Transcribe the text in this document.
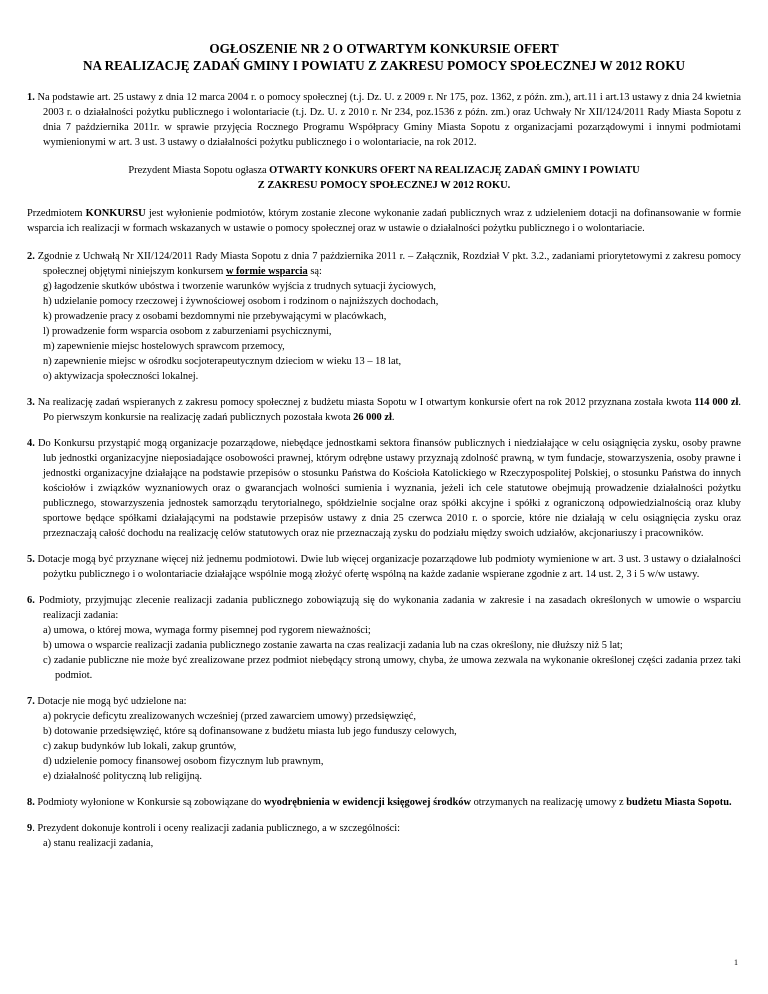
OGŁOSZENIE NR 2 O OTWARTYM KONKURSIE OFERT
NA REALIZACJĘ ZADAŃ GMINY I POWIATU Z ZAKRESU POMOCY SPOŁECZNEJ W 2012 ROKU

1. Na podstawie art. 25 ustawy z dnia 12 marca 2004 r. o pomocy społecznej (t.j. Dz. U. z 2009 r. Nr 175, poz. 1362, z późn. zm.), art.11 i art.13 ustawy z dnia 24 kwietnia 2003 r. o działalności pożytku publicznego i wolontariacie (t.j. Dz. U. z 2010 r. Nr 234, poz.1536 z późn. zm.) oraz Uchwały Nr XII/124/2011 Rady Miasta Sopotu z dnia 7 października 2011r. w sprawie przyjęcia Rocznego Programu Współpracy Gminy Miasta Sopotu z organizacjami pozarządowymi i innymi podmiotami wymienionymi w art. 3 ust. 3 ustawy o działalności pożytku publicznego i o wolontariacie, na rok 2012.

Prezydent Miasta Sopotu ogłasza OTWARTY KONKURS OFERT NA REALIZACJĘ ZADAŃ GMINY I POWIATU
Z ZAKRESU POMOCY SPOŁECZNEJ W 2012 ROKU.

Przedmiotem KONKURSU jest wyłonienie podmiotów, którym zostanie zlecone wykonanie zadań publicznych wraz z udzieleniem dotacji na dofinansowanie w formie wsparcia ich realizacji w formach wskazanych w ustawie o pomocy społecznej oraz w ustawie o działalności pożytku publicznego i o wolontariacie.

2. Zgodnie z Uchwałą Nr XII/124/2011 Rady Miasta Sopotu z dnia 7 października 2011 r. – Załącznik, Rozdział V pkt. 3.2., zadaniami priorytetowymi z zakresu pomocy społecznej objętymi niniejszym konkursem w formie wsparcia są:

g) łagodzenie skutków ubóstwa i tworzenie warunków wyjścia z trudnych sytuacji życiowych,
h) udzielanie pomocy rzeczowej i żywnościowej osobom i rodzinom o najniższych dochodach,
k) prowadzenie pracy z osobami bezdomnymi nie przebywającymi w placówkach,
l) prowadzenie form wsparcia osobom z zaburzeniami psychicznymi,
m) zapewnienie miejsc hostelowych sprawcom przemocy,
n) zapewnienie miejsc w ośrodku socjoterapeutycznym dzieciom w wieku 13 – 18 lat,
o) aktywizacja społeczności lokalnej.

3. Na realizację zadań wspieranych z zakresu pomocy społecznej z budżetu miasta Sopotu w I otwartym konkursie ofert na rok 2012 przyznana została kwota 114 000 zł. Po pierwszym konkursie na realizację zadań publicznych pozostała kwota 26 000 zł.

4. Do Konkursu przystąpić mogą organizacje pozarządowe, niebędące jednostkami sektora finansów publicznych i niedziałające w celu osiągnięcia zysku, osoby prawne lub jednostki organizacyjne nieposiadające osobowości prawnej, którym odrębne ustawy przyznają zdolność prawną, w tym fundacje, stowarzyszenia, osoby prawne i jednostki organizacyjne działające na podstawie przepisów o stosunku Państwa do Kościoła Katolickiego w Rzeczypospolitej Polskiej, o stosunku Państwa do innych kościołów i związków wyznaniowych oraz o gwarancjach wolności sumienia i wyznania, jeżeli ich cele statutowe obejmują prowadzenie działalności pożytku publicznego, stowarzyszenia jednostek samorządu terytorialnego, spółdzielnie socjalne oraz spółki akcyjne i spółki z ograniczoną odpowiedzialnością oraz kluby sportowe będące spółkami działającymi na podstawie przepisów ustawy z dnia 25 czerwca 2010 r. o sporcie, które nie działają w celu osiągnięcia zysku oraz przeznaczają całość dochodu na realizację celów statutowych oraz nie przeznaczają zysku do podziału między swoich udziałów, akcjonariuszy i pracowników.

5. Dotacje mogą być przyznane więcej niż jednemu podmiotowi. Dwie lub więcej organizacje pozarządowe lub podmioty wymienione w art. 3 ust. 3 ustawy o działalności pożytku publicznego i o wolontariacie działające wspólnie mogą złożyć ofertę wspólną na każde zadanie wspierane zgodnie z art. 14 ust. 2, 3 i 5 w/w ustawy.

6. Podmioty, przyjmując zlecenie realizacji zadania publicznego zobowiązują się do wykonania zadania w zakresie i na zasadach określonych w umowie o wsparciu realizacji zadania:

a) umowa, o której mowa, wymaga formy pisemnej pod rygorem nieważności;
b) umowa o wsparcie realizacji zadania publicznego zostanie zawarta na czas realizacji zadania lub na czas określony, nie dłuższy niż 5 lat;
c) zadanie publiczne nie może być zrealizowane przez podmiot niebędący stroną umowy, chyba, że umowa zezwala na wykonanie określonej części zadania przez taki podmiot.

7. Dotacje nie mogą być udzielone na:

a) pokrycie deficytu zrealizowanych wcześniej (przed zawarciem umowy) przedsięwzięć,
b) dotowanie przedsięwzięć, które są dofinansowane z budżetu miasta lub jego funduszy celowych,
c) zakup budynków lub lokali, zakup gruntów,
d) udzielenie pomocy finansowej osobom fizycznym lub prawnym,
e) działalność polityczną lub religijną.

8. Podmioty wyłonione w Konkursie są zobowiązane do wyodrębnienia w ewidencji księgowej środków otrzymanych na realizację umowy z budżetu Miasta Sopotu.

9. Prezydent dokonuje kontroli i oceny realizacji zadania publicznego, a w szczególności:

a) stanu realizacji zadania,
1
